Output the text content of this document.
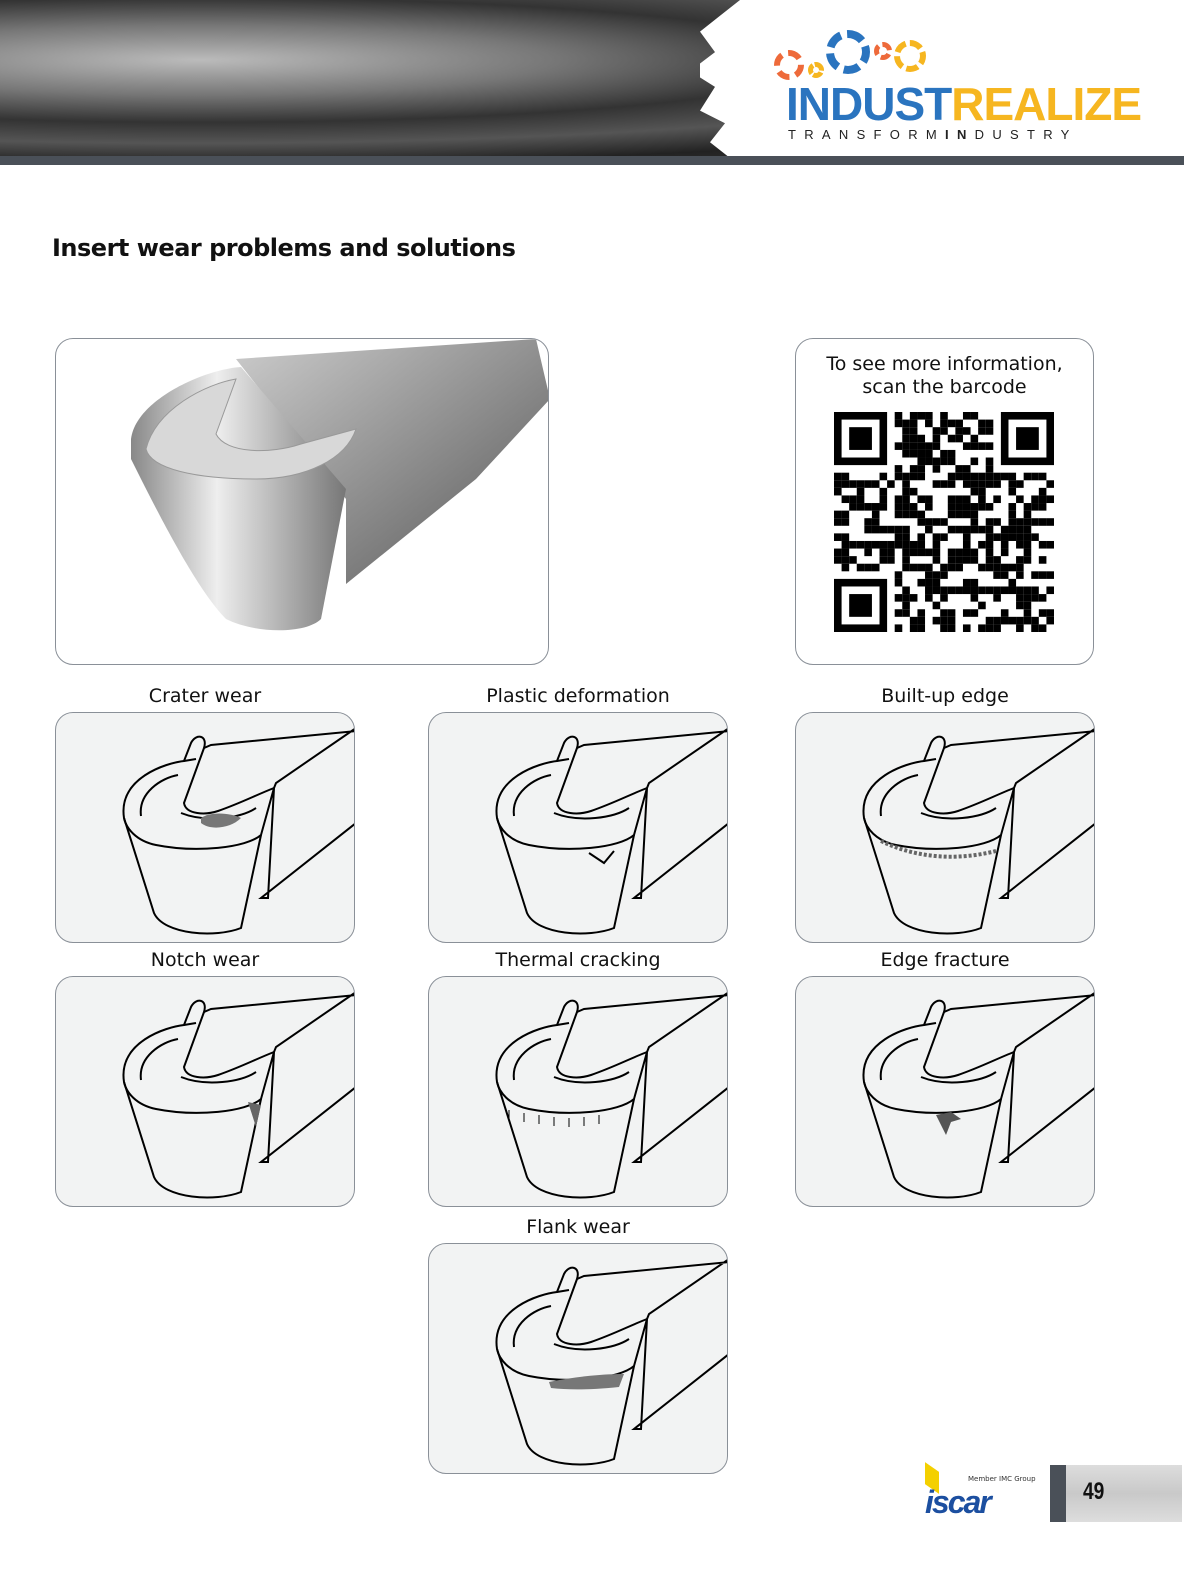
INDUSTREALIZE
TRANSFORMINDUSTRY
Insert wear problems and solutions

To see more information,
scan the barcode

Crater wear	Plastic deformation	Built-up edge
Notch wear	Thermal cracking	Edge fracture
Flank wear
Member IMC Group
iscar	49
